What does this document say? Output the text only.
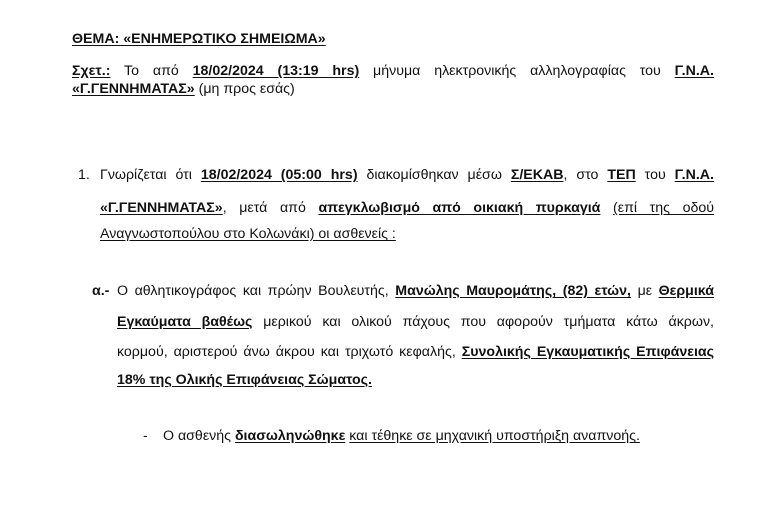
ΘΕΜΑ: «ΕΝΗΜΕΡΩΤΙΚΟ ΣΗΜΕΙΩΜΑ»
Σχετ.: Το από 18/02/2024 (13:19 hrs) μήνυμα ηλεκτρονικής αλληλογραφίας του Γ.Ν.Α.
«Γ.ΓΕΝΝΗΜΑΤΑΣ» (μη προς εσάς)
1. Γνωρίζεται ότι 18/02/2024 (05:00 hrs) διακομίσθηκαν μέσω Σ/ΕΚΑΒ, στο ΤΕΠ του Γ.Ν.Α.
«Γ.ΓΕΝΝΗΜΑΤΑΣ», μετά από απεγκλωβισμό από οικιακή πυρκαγιά (επί της οδού
Αναγνωστοπούλου στο Κολωνάκι) οι ασθενείς :
α.- Ο αθλητικογράφος και πρώην Βουλευτής, Μανώλης Μαυρομάτης, (82) ετών, με Θερμικά
Εγκαύματα βαθέως μερικού και ολικού πάχους που αφορούν τμήματα κάτω άκρων,
κορμού, αριστερού άνω άκρου και τριχωτό κεφαλής, Συνολικής Εγκαυματικής Επιφάνειας
18% της Ολικής Επιφάνειας Σώματος.
- Ο ασθενής διασωληνώθηκε και τέθηκε σε μηχανική υποστήριξη αναπνοής.
